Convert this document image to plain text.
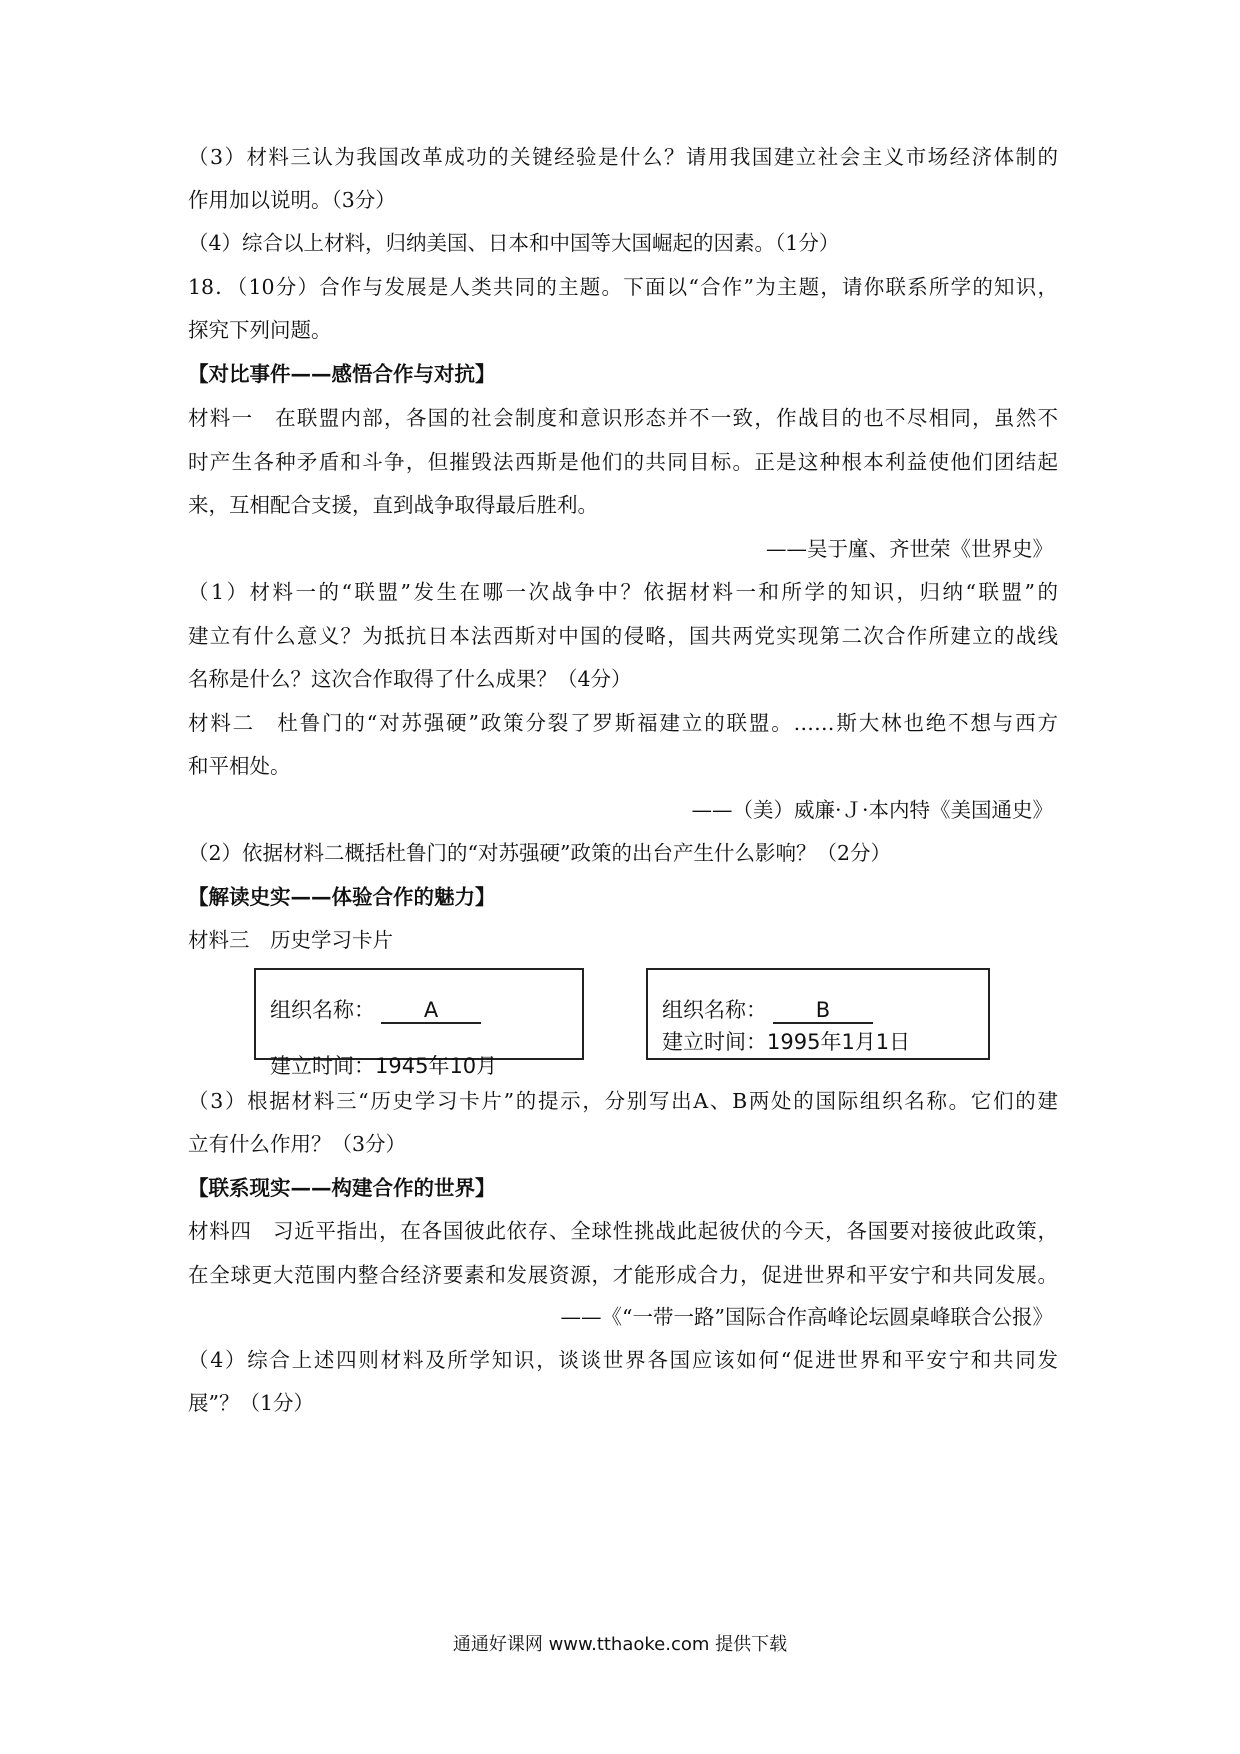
（3）材料三认为我国改革成功的关键经验是什么？请用我国建立社会主义市场经济体制的
作用加以说明。（3分）
（4）综合以上材料，归纳美国、日本和中国等大国崛起的因素。（1分）
18．（10分）合作与发展是人类共同的主题。下面以“合作”为主题，请你联系所学的知识，
探究下列问题。
【对比事件——感悟合作与对抗】
材料一　在联盟内部，各国的社会制度和意识形态并不一致，作战目的也不尽相同，虽然不
时产生各种矛盾和斗争，但摧毁法西斯是他们的共同目标。正是这种根本利益使他们团结起
来，互相配合支援，直到战争取得最后胜利。
——吴于廑、齐世荣《世界史》
（1）材料一的“联盟”发生在哪一次战争中？依据材料一和所学的知识，归纳“联盟”的
建立有什么意义？为抵抗日本法西斯对中国的侵略，国共两党实现第二次合作所建立的战线
名称是什么？这次合作取得了什么成果？（4分）
材料二　杜鲁门的“对苏强硬”政策分裂了罗斯福建立的联盟。……斯大林也绝不想与西方
和平相处。
——（美）威廉·Ｊ·本内特《美国通史》
（2）依据材料二概括杜鲁门的“对苏强硬”政策的出台产生什么影响？（2分）
【解读史实——体验合作的魅力】
材料三　历史学习卡片
组织名称： A
建立时间：1945年10月
组织名称： B
建立时间：1995年1月1日
（3）根据材料三“历史学习卡片”的提示，分别写出A、B两处的国际组织名称。它们的建
立有什么作用？（3分）
【联系现实——构建合作的世界】
材料四　习近平指出，在各国彼此依存、全球性挑战此起彼伏的今天，各国要对接彼此政策，
在全球更大范围内整合经济要素和发展资源，才能形成合力，促进世界和平安宁和共同发展。
——《“一带一路”国际合作高峰论坛圆桌峰联合公报》
（4）综合上述四则材料及所学知识，谈谈世界各国应该如何“促进世界和平安宁和共同发
展”？（1分）
通通好课网 www.tthaoke.com 提供下载
